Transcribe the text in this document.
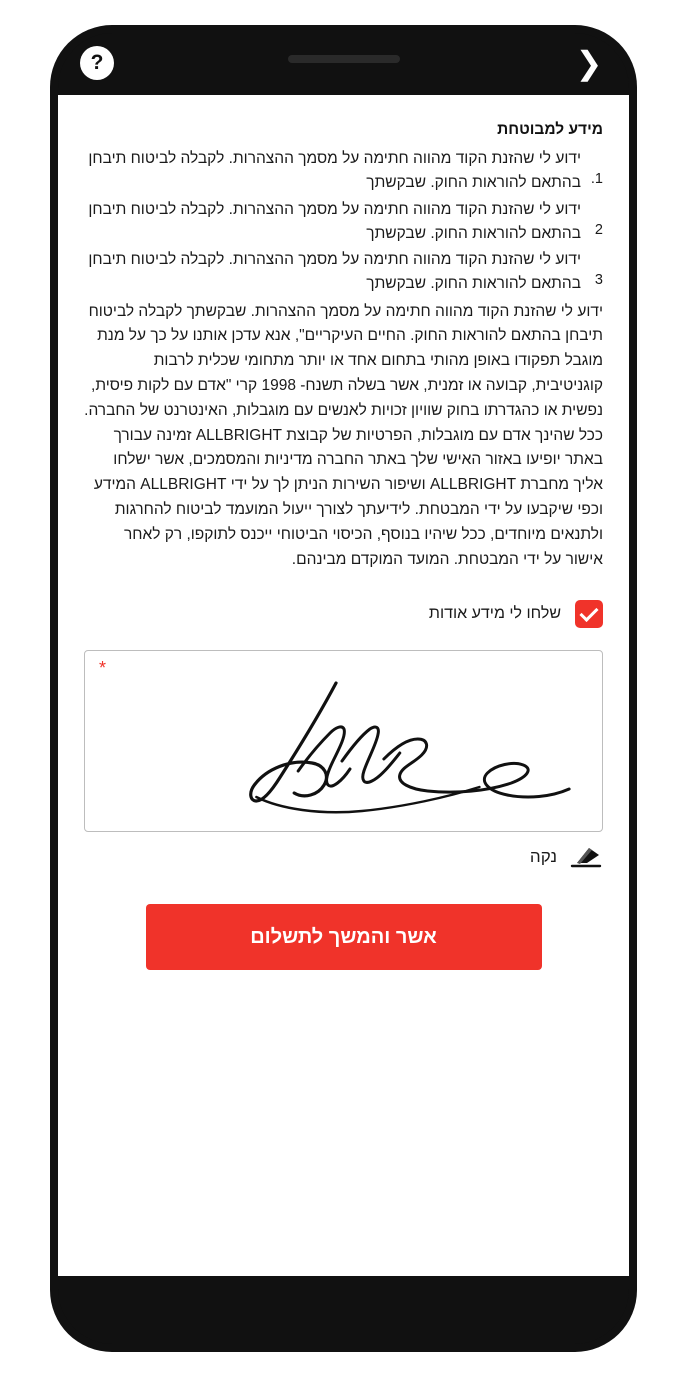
?	❯
מידע למבוטחת
1.
ידוע לי שהזנת הקוד מהווה חתימה על מסמך ההצהרות. לקבלה לביטוח תיבחן בהתאם להוראות החוק. שבקשתך
2
ידוע לי שהזנת הקוד מהווה חתימה על מסמך ההצהרות. לקבלה לביטוח תיבחן בהתאם להוראות החוק. שבקשתך
3
ידוע לי שהזנת הקוד מהווה חתימה על מסמך ההצהרות. לקבלה לביטוח תיבחן בהתאם להוראות החוק. שבקשתך

ידוע לי שהזנת הקוד מהווה חתימה על מסמך ההצהרות. שבקשתך לקבלה לביטוח תיבחן בהתאם להוראות החוק. החיים העיקריים", אנא עדכן אותנו על כך על מנת מוגבל תפקודו באופן מהותי בתחום אחד או יותר מתחומי שכלית לרבות קוגניטיבית, קבועה או זמנית, אשר בשלה תשנח- 1998 קרי "אדם עם לקות פיסית, נפשית או כהגדרתו בחוק שוויון זכויות לאנשים עם מוגבלות, האינטרנט של החברה. ככל שהינך אדם עם מוגבלות, הפרטיות של קבוצת ALLBRIGHT זמינה עבורך באתר יופיעו באזור האישי שלך באתר החברה מדיניות והמסמכים, אשר ישלחו אליך מחברת ALLBRIGHT ושיפור השירות הניתן לך על ידי ALLBRIGHT המידע וכפי שיקבעו על ידי המבטחת. לידיעתך לצורך ייעול המועמד לביטוח להחרגות ולתנאים מיוחדים, ככל שיהיו בנוסף, הכיסוי הביטוחי ייכנס לתוקפו, רק לאחר אישור על ידי המבטחת. המועד המוקדם מבינהם.

שלחו לי מידע אודות
*
נקה
אשר והמשך לתשלום
